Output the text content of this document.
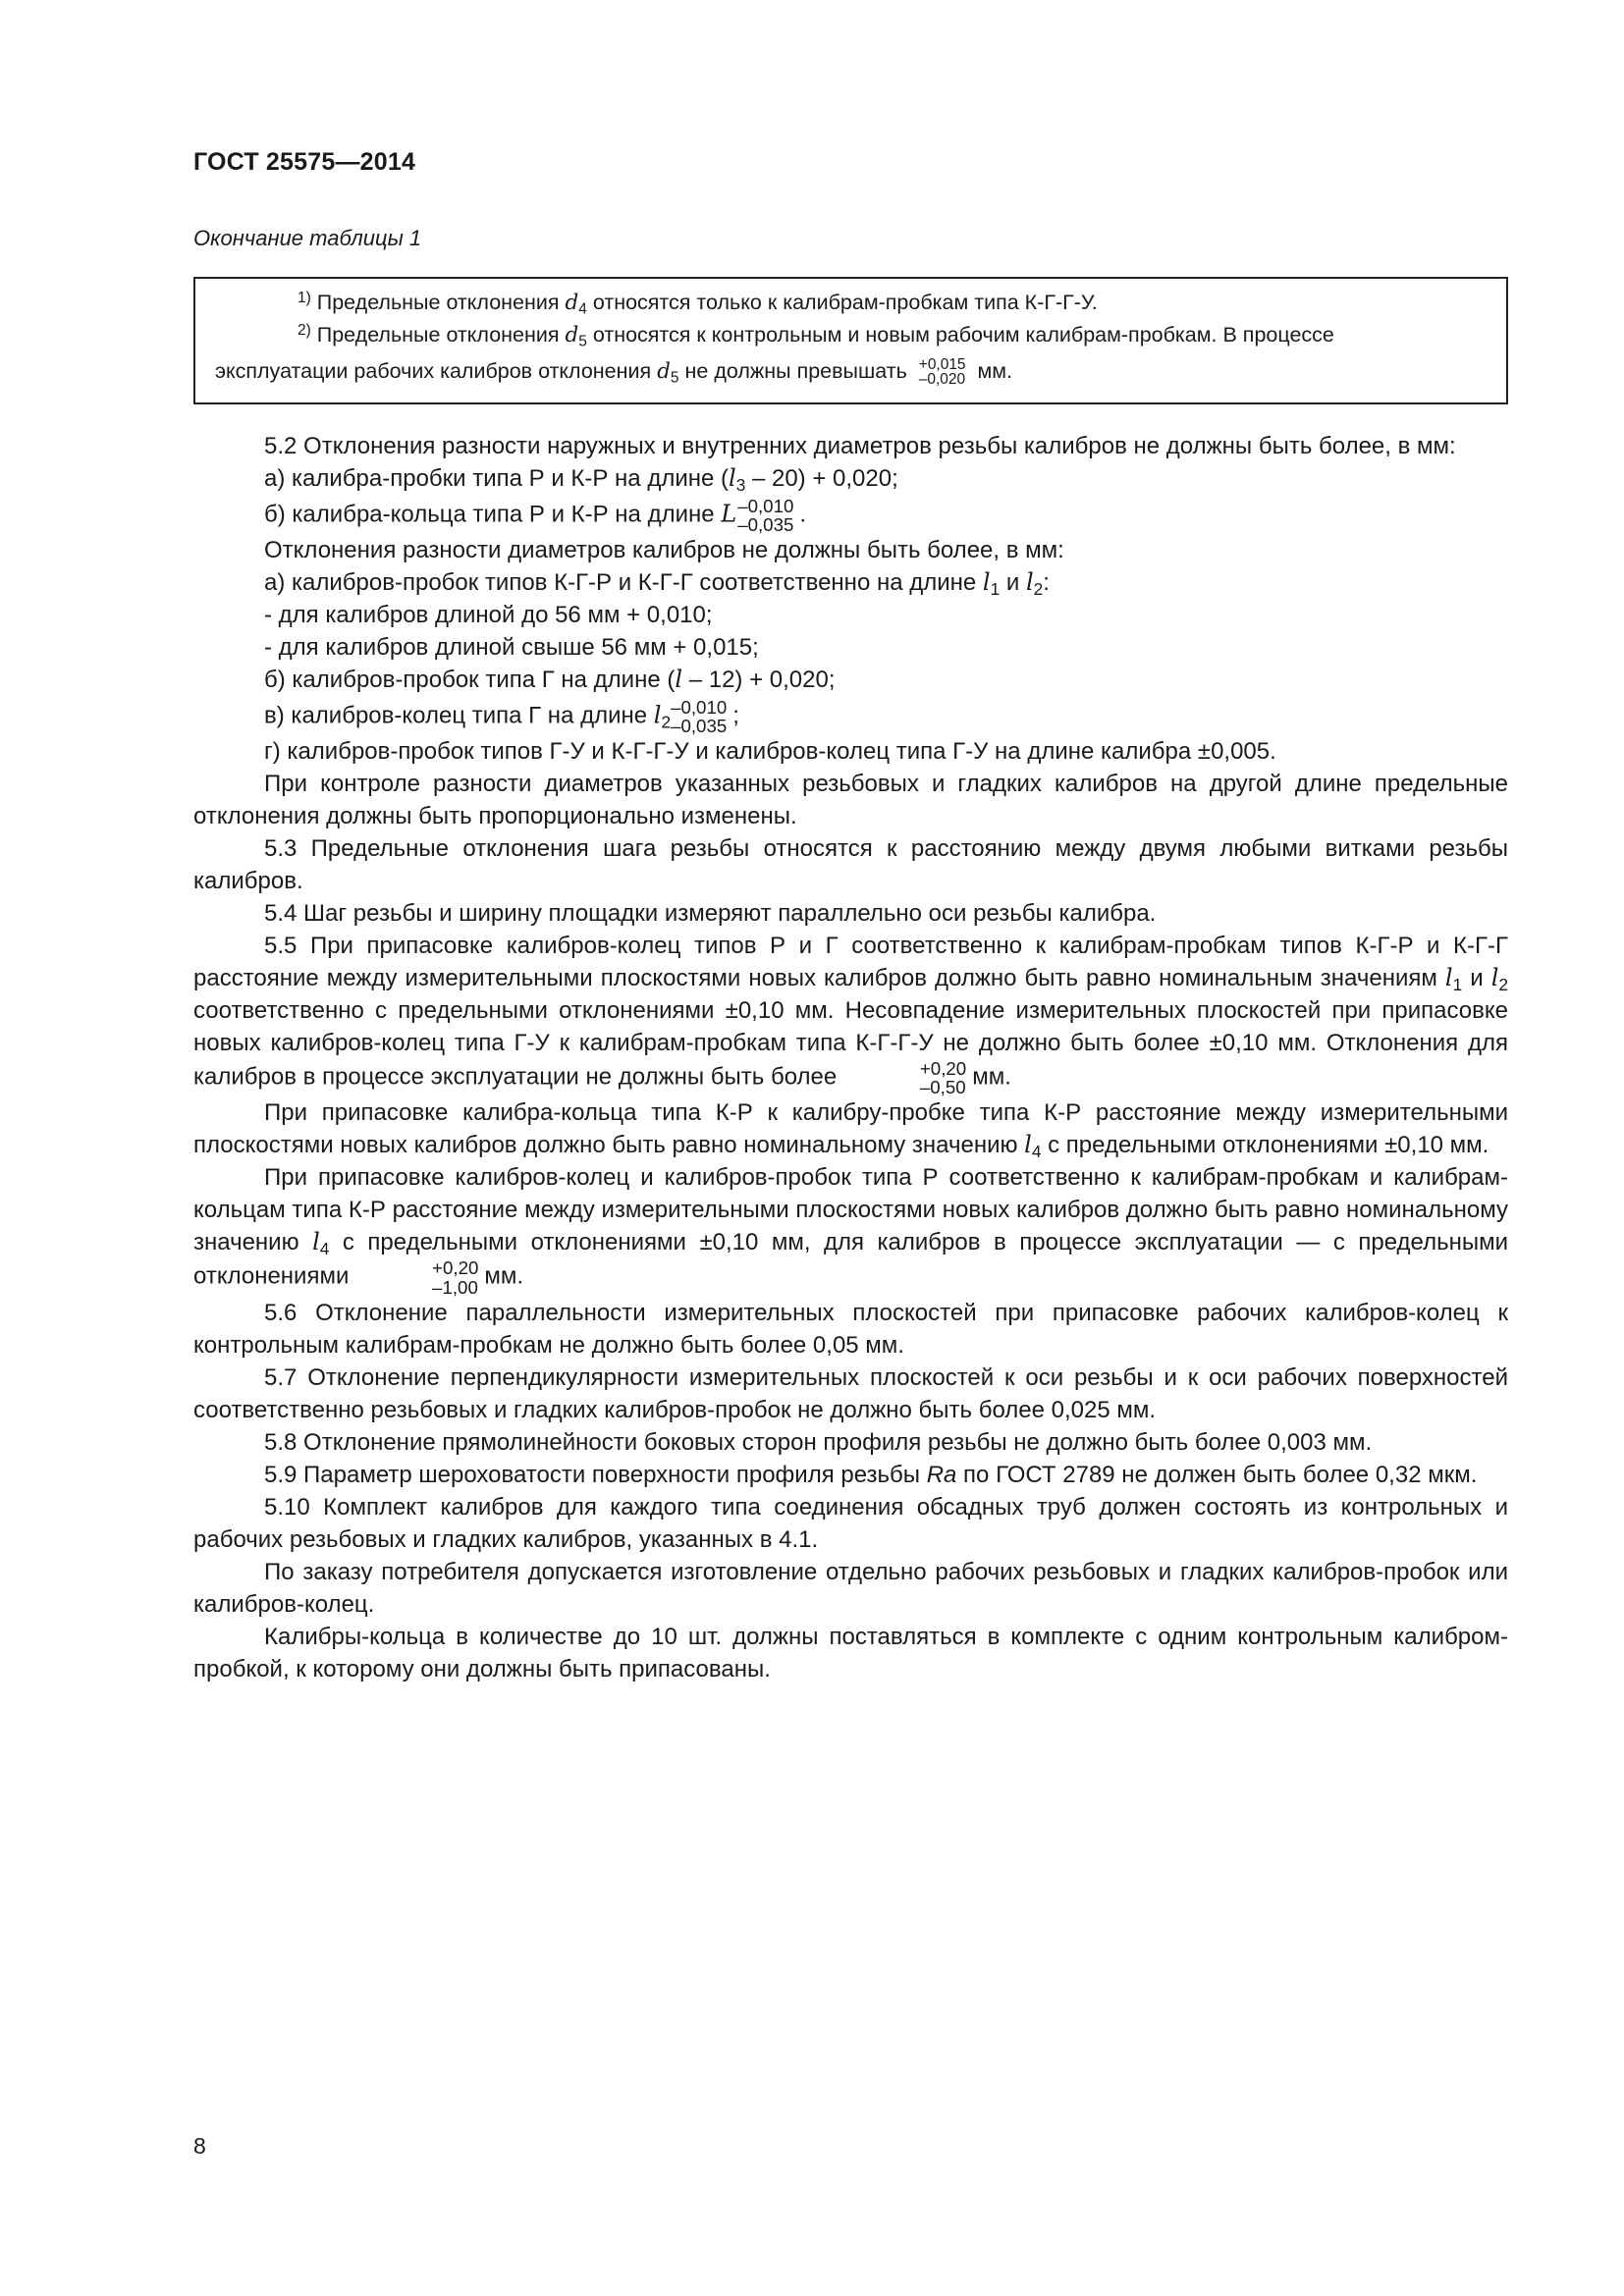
ГОСТ 25575—2014
Окончание таблицы 1
$^{1)}$ Предельные отклонения $d_4$ относятся только к калибрам-пробкам типа К-Г-Г-У.
$^{2)}$ Предельные отклонения $d_5$ относятся к контрольным и новым рабочим калибрам-пробкам. В процессе
эксплуатации рабочих калибров отклонения $d_5$ не должны превышать +0,015
–0,020 мм.

5.2 Отклонения разности наружных и внутренних диаметров резьбы калибров не должны быть более, в мм:

а) калибра-пробки типа Р и К-Р на длине $(l_3 - 20) + 0,020$;

б) калибра-кольца типа Р и К-Р на длине L –0,010
–0,035 .

Отклонения разности диаметров калибров не должны быть более, в мм:

а) калибров-пробок типов К-Г-Р и К-Г-Г соответственно на длине $l_1$ и $l_2$:

- для калибров длиной до 56 мм + 0,010;

- для калибров длиной свыше 56 мм + 0,015;

б) калибров-пробок типа Г на длине (l – 12) + 0,020;

в) калибров-колец типа Г на длине $l_2$
–0,010
–0,035 ;

г) калибров-пробок типов Г-У и К-Г-Г-У и калибров-колец типа Г-У на длине калибра ±0,005.

При контроле разности диаметров указанных резьбовых и гладких калибров на другой длине предельные отклонения должны быть пропорционально изменены.

5.3 Предельные отклонения шага резьбы относятся к расстоянию между двумя любыми витками резьбы калибров.

5.4 Шаг резьбы и ширину площадки измеряют параллельно оси резьбы калибра.

5.5 При припасовке калибров-колец типов Р и Г соответственно к калибрам-пробкам типов К-Г-Р и К-Г-Г расстояние между измерительными плоскостями новых калибров должно быть равно номинальным значениям $l_1$ и $l_2$ соответственно с предельными отклонениями ±0,10 мм. Несовпадение измерительных плоскостей при припасовке новых калибров-колец типа Г-У к калибрам-пробкам типа К-Г-Г-У не должно быть более ±0,10 мм. Отклонения для калибров в процессе эксплуатации не должны быть более	+0,20
–0,50 мм.

При припасовке калибра-кольца типа К-Р к калибру-пробке типа К-Р расстояние между измерительными плоскостями новых калибров должно быть равно номинальному значению $l_4$ с предельными отклонениями ±0,10 мм.

При припасовке калибров-колец и калибров-пробок типа Р соответственно к калибрам-пробкам и калибрам-кольцам типа К-Р расстояние между измерительными плоскостями новых калибров должно быть равно номинальному значению $l_4$ с предельными отклонениями ±0,10 мм, для калибров в процессе эксплуатации — с предельными отклонениями	+0,20
–1,00 мм.

5.6 Отклонение параллельности измерительных плоскостей при припасовке рабочих калибров-колец к контрольным калибрам-пробкам не должно быть более 0,05 мм.

5.7 Отклонение перпендикулярности измерительных плоскостей к оси резьбы и к оси рабочих поверхностей соответственно резьбовых и гладких калибров-пробок не должно быть более 0,025 мм.

5.8 Отклонение прямолинейности боковых сторон профиля резьбы не должно быть более 0,003 мм.

5.9 Параметр шероховатости поверхности профиля резьбы Ra по ГОСТ 2789 не должен быть более 0,32 мкм.

5.10 Комплект калибров для каждого типа соединения обсадных труб должен состоять из контрольных и рабочих резьбовых и гладких калибров, указанных в 4.1.

По заказу потребителя допускается изготовление отдельно рабочих резьбовых и гладких калибров-пробок или калибров-колец.

Калибры-кольца в количестве до 10 шт. должны поставляться в комплекте с одним контрольным калибром-пробкой, к которому они должны быть припасованы.

8
